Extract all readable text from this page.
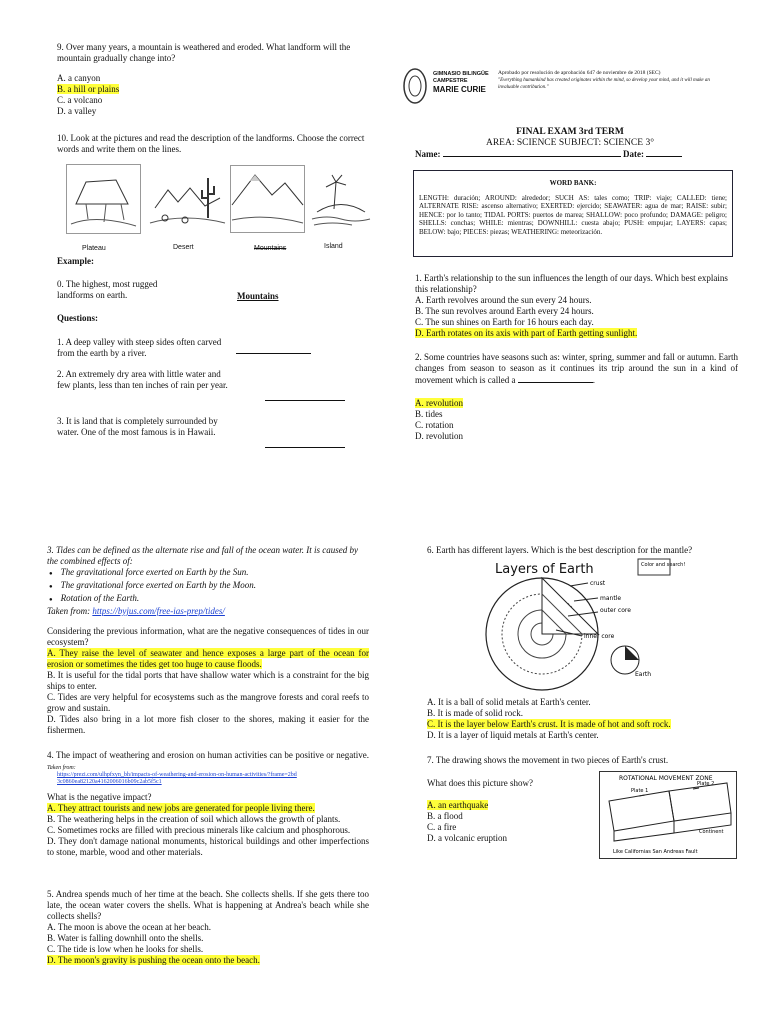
9. Over many years, a mountain is weathered and eroded. What landform will the mountain gradually change into?
A. a canyon
B. a hill or plains
C. a volcano
D. a valley
10. Look at the pictures and read the description of the landforms. Choose the correct words and write them on the lines.
Plateau	Desert	Mountains	Island
Example:
0. The highest, most rugged landforms on earth.	Mountains
Questions:
1. A deep valley with steep sides often carved from the earth by a river.
2. An extremely dry area with little water and few plants, less than ten inches of rain per year.
3. It is land that is completely surrounded by water. One of the most famous is in Hawaii.
GIMNASIO BILINGÜE
CAMPESTRE
MARIE CURIE
Aprobado por resolución de aprobación 647 de noviembre de 2018 (SEC)
"Everything humankind has created originates within the mind, so develop your mind, and it will make an invaluable contribution."
FINAL EXAM 3rd TERM
AREA: SCIENCE SUBJECT: SCIENCE 3°
Name:	Date:
WORD BANK:
LENGTH: duración; AROUND: alrededor; SUCH AS: tales como; TRIP: viaje; CALLED: tiene; ALTERNATE RISE: ascenso alternativo; EXERTED: ejercido; SEAWATER: agua de mar; RAISE: subir; HENCE: por lo tanto; TIDAL PORTS: puertos de marea; SHALLOW: poco profundo; DAMAGE: peligro; SHELLS: conchas; WHILE: mientras; DOWNHILL: cuesta abajo; PUSH: empujar; LAYERS: capas; BELOW: bajo; PIECES: piezas; WEATHERING: meteorización.
1. Earth's relationship to the sun influences the length of our days. Which best explains this relationship?
A. Earth revolves around the sun every 24 hours.
B. The sun revolves around Earth every 24 hours.
C. The sun shines on Earth for 16 hours each day.
D. Earth rotates on its axis with part of Earth getting sunlight.
2. Some countries have seasons such as: winter, spring, summer and fall or autumn. Earth changes from season to season as it continues its trip around the sun in a kind of movement which is called a	.
A. revolution
B. tides
C. rotation
D. revolution
3. Tides can be defined as the alternate rise and fall of the ocean water. It is caused by the combined effects of:
● The gravitational force exerted on Earth by the Sun.
● The gravitational force exerted on Earth by the Moon.
● Rotation of the Earth.
Taken from: https://byjus.com/free-ias-prep/tides/
Considering the previous information, what are the negative consequences of tides in our ecosystem?
A. They raise the level of seawater and hence exposes a large part of the ocean for erosion or sometimes the tides get too huge to cause floods.
B. It is useful for the tidal ports that have shallow water which is a constraint for the big ships to enter.
C. Tides are very helpful for ecosystems such as the mangrove forests and coral reefs to grow and sustain.
D. Tides also bring in a lot more fish closer to the shores, making it easier for the fishermen.
4. The impact of weathering and erosion on human activities can be positive or negative. Taken from:
https://prezi.com/ulhpfxyn_bh/impacts-of-weathering-and-erosion-on-human-activities/?frame=2bd3c0860ea82120a4162006016b09c2ab5f5c1
What is the negative impact?
A. They attract tourists and new jobs are generated for people living there.
B. The weathering helps in the creation of soil which allows the growth of plants.
C. Sometimes rocks are filled with precious minerals like calcium and phosphorous.
D. They don't damage national monuments, historical buildings and other imperfections to stone, marble, wood and other materials.
5. Andrea spends much of her time at the beach. She collects shells. If she gets there too late, the ocean water covers the shells. What is happening at Andrea's beach while she collects shells?
A. The moon is above the ocean at her beach.
B. Water is falling downhill onto the shells.
C. The tide is low when he looks for shells.
D. The moon's gravity is pushing the ocean onto the beach.
6. Earth has different layers. Which is the best description for the mantle?
Layers of Earth	Color and search!
crust
mantle
outer core
inner core
Earth
A. It is a ball of solid metals at Earth's center.
B. It is made of solid rock.
C. It is the layer below Earth's crust. It is made of hot and soft rock.
D. It is a layer of liquid metals at Earth's center.
7. The drawing shows the movement in two pieces of Earth's crust.
What does this picture show?
A. an earthquake
B. a flood
C. a fire
D. a volcanic eruption
ROTATIONAL MOVEMENT ZONE
Plate 1
Plate 2
Continent
Like Californias San Andreas Fault
